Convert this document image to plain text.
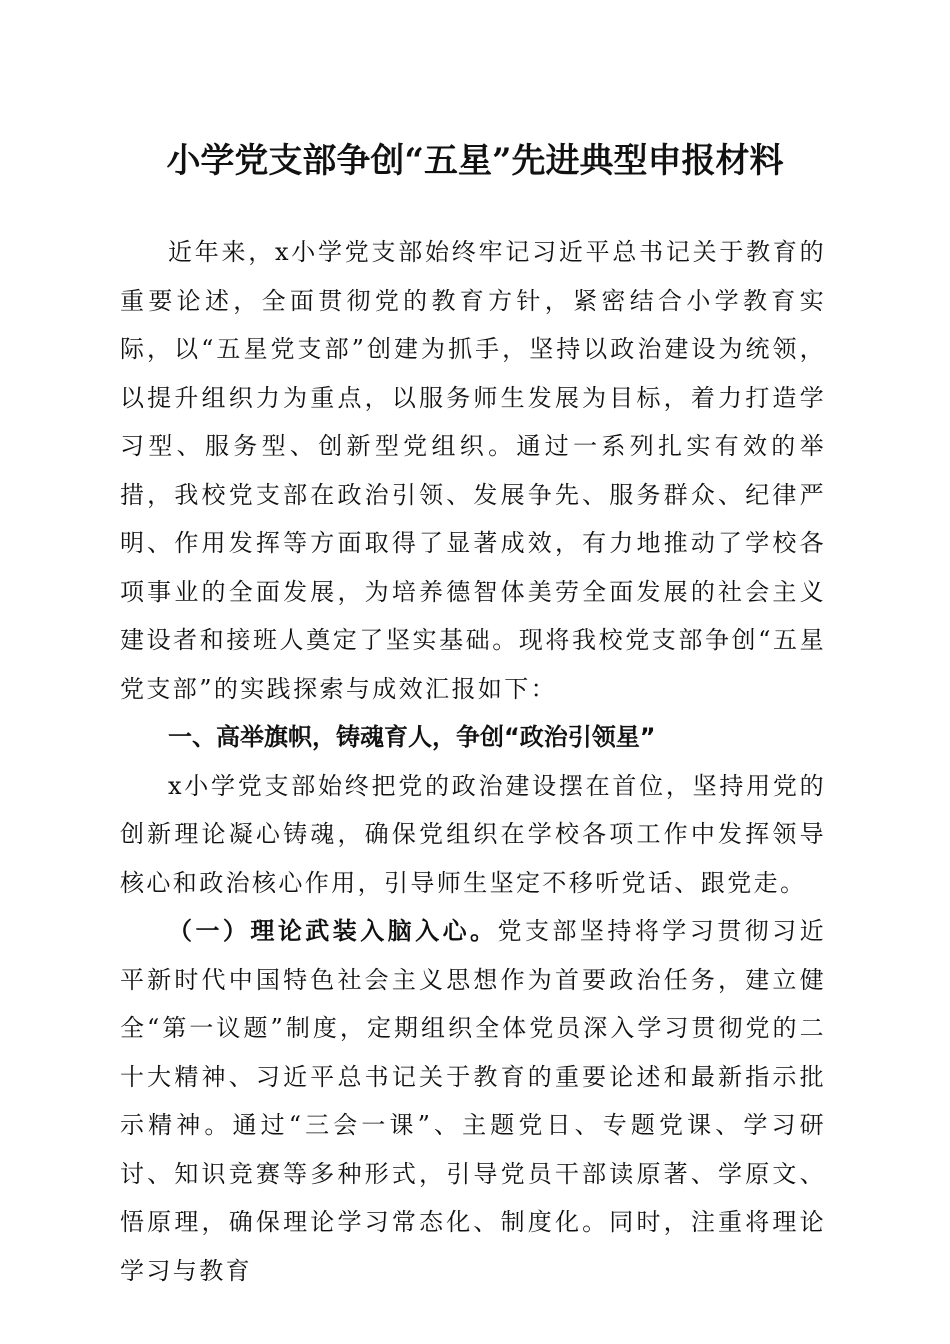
小学党支部争创“五星”先进典型申报材料

近年来，x小学党支部始终牢记习近平总书记关于教育的重要论述，全面贯彻党的教育方针，紧密结合小学教育实际，以“五星党支部”创建为抓手，坚持以政治建设为统领，以提升组织力为重点，以服务师生发展为目标，着力打造学习型、服务型、创新型党组织。通过一系列扎实有效的举措，我校党支部在政治引领、发展争先、服务群众、纪律严明、作用发挥等方面取得了显著成效，有力地推动了学校各项事业的全面发展，为培养德智体美劳全面发展的社会主义建设者和接班人奠定了坚实基础。现将我校党支部争创“五星党支部”的实践探索与成效汇报如下：

一、高举旗帜，铸魂育人，争创“政治引领星”

x小学党支部始终把党的政治建设摆在首位，坚持用党的创新理论凝心铸魂，确保党组织在学校各项工作中发挥领导核心和政治核心作用，引导师生坚定不移听党话、跟党走。

（一）理论武装入脑入心。党支部坚持将学习贯彻习近平新时代中国特色社会主义思想作为首要政治任务，建立健全“第一议题”制度，定期组织全体党员深入学习贯彻党的二十大精神、习近平总书记关于教育的重要论述和最新指示批示精神。通过“三会一课”、主题党日、专题党课、学习研讨、知识竞赛等多种形式，引导党员干部读原著、学原文、悟原理，确保理论学习常态化、制度化。同时，注重将理论学习与教育
